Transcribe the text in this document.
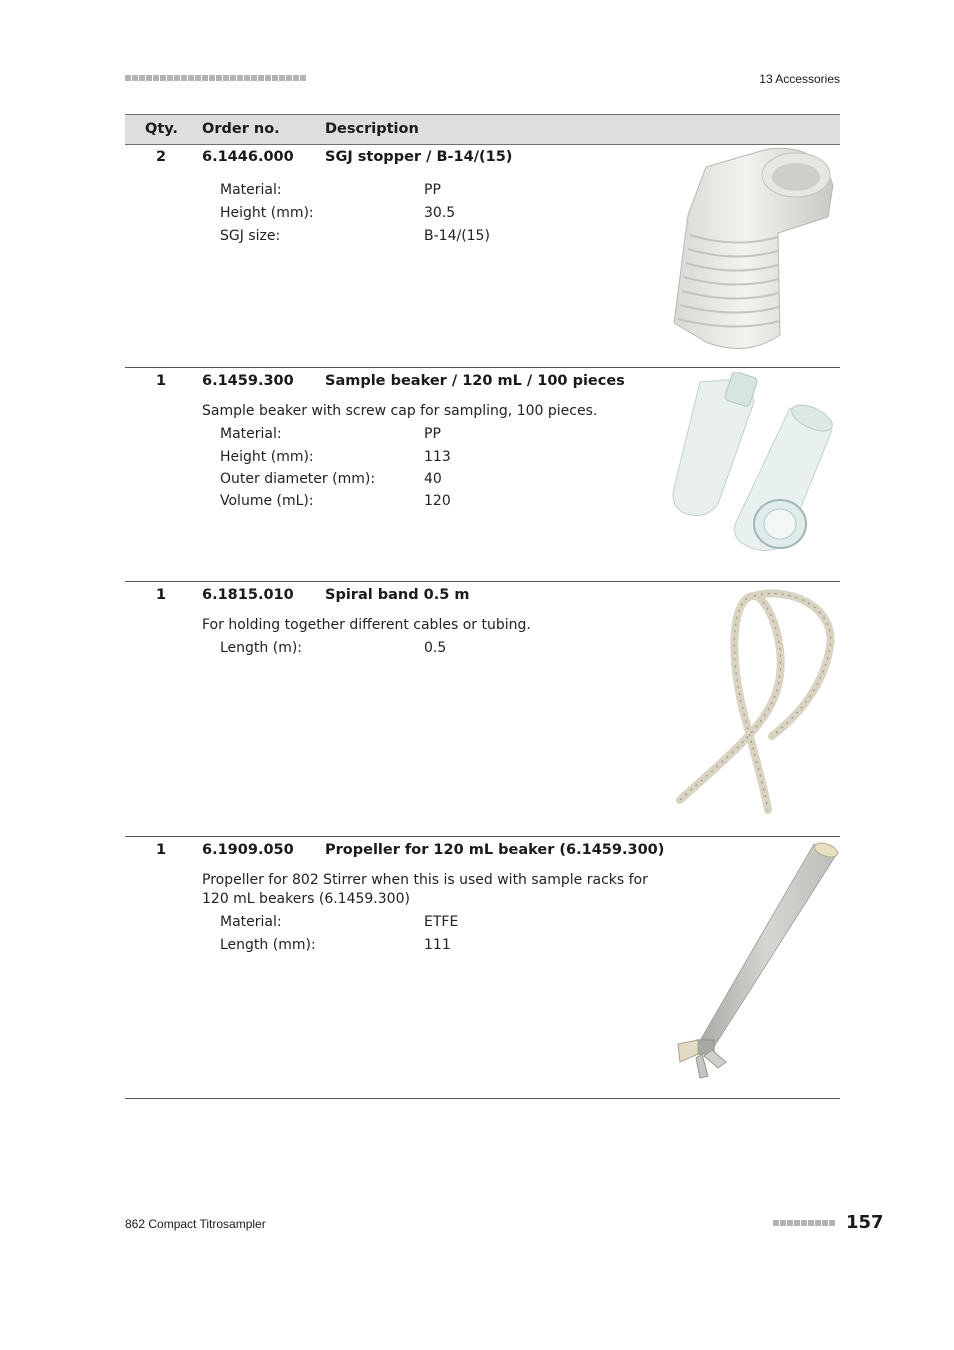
13 Accessories
Qty. Order no.	Description
2	6.1446.000 SGJ stopper / B-14/(15)
Material:	PP
Height (mm):	30.5
SGJ size:	B-14/(15)
1	6.1459.300 Sample beaker / 120 mL / 100 pieces
Sample beaker with screw cap for sampling, 100 pieces.
Material:	PP
Height (mm):	113
Outer diameter (mm):	40
Volume (mL):	120
1	6.1815.010 Spiral band 0.5 m
For holding together different cables or tubing.
Length (m):	0.5
1	6.1909.050 Propeller for 120 mL beaker (6.1459.300)
Propeller for 802 Stirrer when this is used with sample racks for 120 mL beakers (6.1459.300)
Material:	ETFE
Length (mm):	111
862 Compact Titrosampler	157
